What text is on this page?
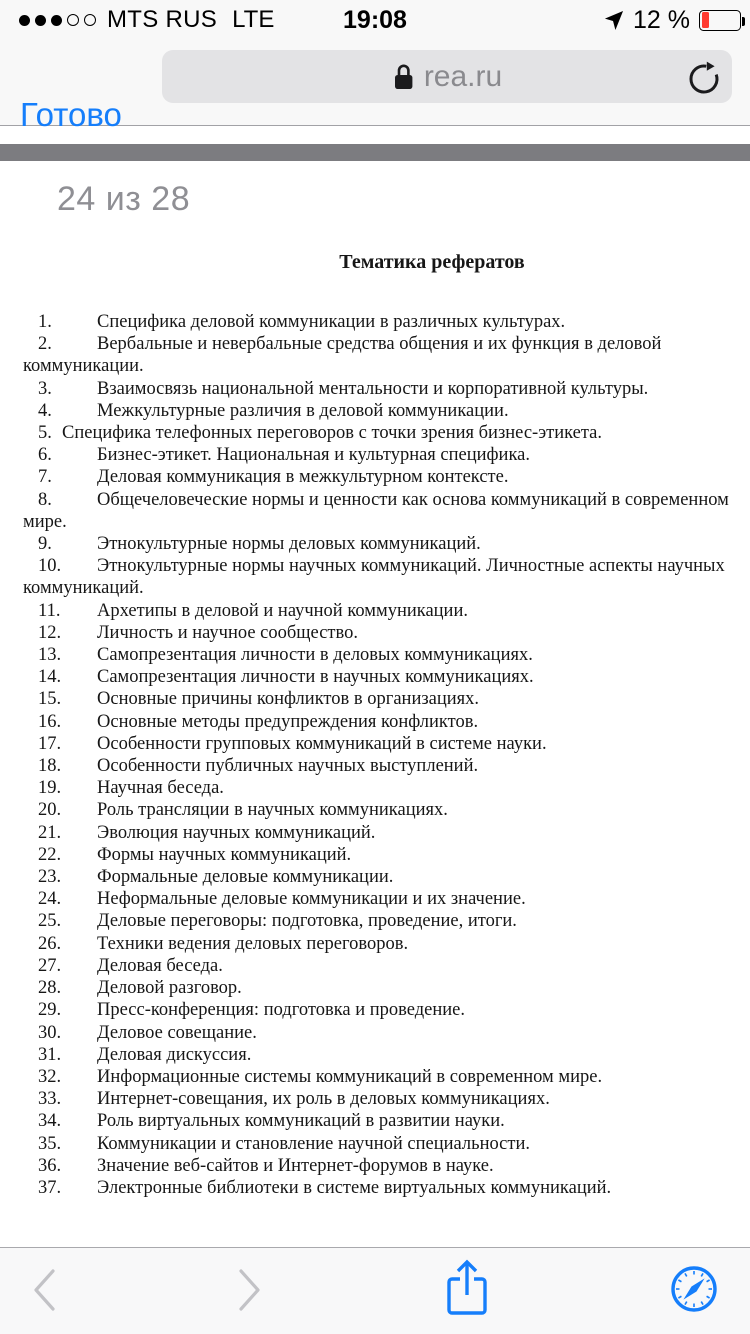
MTS RUS LTE	19:08	12 %
Готово
rea.ru
24 из 28
Тематика рефератов

1. Специфика деловой коммуникации в различных культурах.

2. Вербальные и невербальные средства общения и их функция в деловой коммуникации.

3. Взаимосвязь национальной ментальности и корпоративной культуры.

4. Межкультурные различия в деловой коммуникации.

5. Специфика телефонных переговоров с точки зрения бизнес-этикета.

6. Бизнес-этикет. Национальная и культурная специфика.

7. Деловая коммуникация в межкультурном контексте.

8. Общечеловеческие нормы и ценности как основа коммуникаций в современном мире.

9. Этнокультурные нормы деловых коммуникаций.

10. Этнокультурные нормы научных коммуникаций. Личностные аспекты научных коммуникаций.

11. Архетипы в деловой и научной коммуникации.

12. Личность и научное сообщество.

13. Самопрезентация личности в деловых коммуникациях.

14. Самопрезентация личности в научных коммуникациях.

15. Основные причины конфликтов в организациях.

16. Основные методы предупреждения конфликтов.

17. Особенности групповых коммуникаций в системе науки.

18. Особенности публичных научных выступлений.

19. Научная беседа.

20. Роль трансляции в научных коммуникациях.

21. Эволюция научных коммуникаций.

22. Формы научных коммуникаций.

23. Формальные деловые коммуникации.

24. Неформальные деловые коммуникации и их значение.

25. Деловые переговоры: подготовка, проведение, итоги.

26. Техники ведения деловых переговоров.

27. Деловая беседа.

28. Деловой разговор.

29. Пресс-конференция: подготовка и проведение.

30. Деловое совещание.

31. Деловая дискуссия.

32. Информационные системы коммуникаций в современном мире.

33. Интернет-совещания, их роль в деловых коммуникациях.

34. Роль виртуальных коммуникаций в развитии науки.

35. Коммуникации и становление научной специальности.

36. Значение веб-сайтов и Интернет-форумов в науке.

37. Электронные библиотеки в системе виртуальных коммуникаций.
